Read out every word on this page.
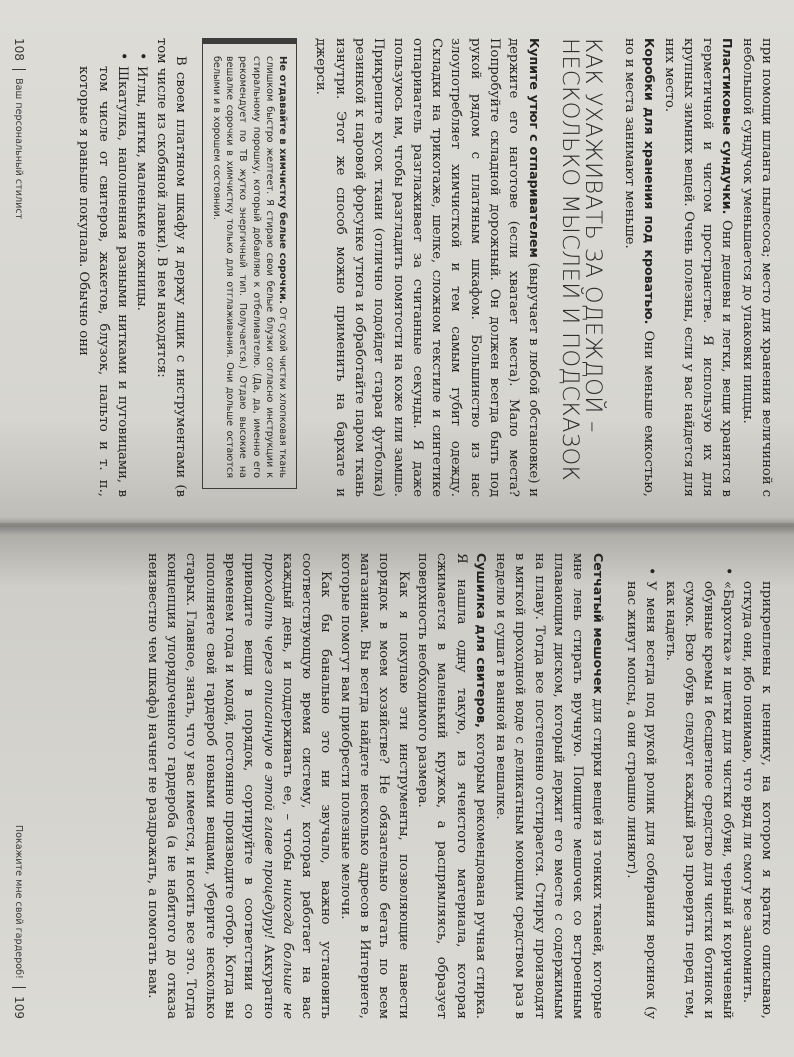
при помощи шланга пылесоса; место для хранения величиной с небольшой сундучок уменьшается до упаковки пиццы.

Пластиковые сундучки. Они дешевы и легки, вещи хранятся в герметичной и чистом пространстве. Я использую их для крупных зимних вещей. Очень полезны, если у вас найдется для них место.

Коробки для хранения под кроватью. Они меньше емкостью, но и места занимают меньше.

КАК УХАЖИВАТЬ ЗА ОДЕЖДОЙ – НЕСКОЛЬКО МЫСЛЕЙ И ПОДСКАЗОК

Купите утюг с отпаривателем (выручает в любой обстановке) и держите его наготове (если хватает места). Мало места? Попробуйте складной дорожный. Он должен всегда быть под рукой рядом с платяным шкафом. Большинство из нас злоупотребляет химчисткой и тем самым губит одежду. Складки на трикотаже, шелке, сложном текстиле и синтетике отпариватель разглаживает за считанные секунды. Я даже пользуюсь им, чтобы разгладить помятости на коже или замше. Прикрепите кусок ткани (отлично подойдет старая футболка) резинкой к паровой форсунке утюга и обработайте паром ткань изнутри. Этот же способ можно применить на бархате и джерси.

Не отдавайте в химчистку белые сорочки. От сухой чистки хлопковая ткань слишком быстро желтеет. Я стираю свои белые блузки согласно инструкции к стиральному порошку, который добавляю к отбеливателю. (Да, да, именно его рекомендует по ТВ жутко энергичный тип. Получается.) Отдаю высокие на вешалке сорочки в химчистку только для отглаживания. Они дольше остаются белыми и в хорошем состоянии.

В своем платяном шкафу я держу ящик с инструментами (в том числе из скобяной лавки). В нем находятся:

• Иглы, нитки, маленькие ножницы.
• Шкатулка, наполненная разными нитками и пуговицами, в том числе от свитеров, жакетов, блузок, пальто и т. п., которые я раньше покупала. Обычно они
108
Ваш персональный стилист
прикреплены к ценнику, на котором я кратко описываю, откуда они, ибо понимаю, что вряд ли смогу все запомнить.
• «Бархотка» и щетки для чистки обуви, черный и коричневый обувные кремы и бесцветное средство для чистки ботинок и сумок. Всю обувь следует каждый раз проверять перед тем, как надеть.
• У меня всегда под рукой ролик для собирания ворсинок (у нас живут мопсы, а они страшно линяют).

Сетчатый мешочек для стирки вещей из тонких тканей, которые мне лень стирать вручную. Поищите мешочек со встроенным плавающим диском, который держит его вместе с содержимым на плаву. Тогда все постепенно отстирается. Стирку производят в мягкой проходной воде с деликатным моющим средством раз в неделю и сушат в ванной на вешалке.

Сушилка для свитеров, которым рекомендована ручная стирка. Я нашла одну такую, из ячеистого материала, которая сжимается в маленький кружок, а распрямляясь, образует поверхность необходимого размера.

Как я покупаю эти инструменты, позволяющие навести порядок в моем хозяйстве? Не обязательно бегать по всем магазинам. Вы всегда найдете несколько адресов в Интернете, которые помогут вам приобрести полезные мелочи.

Как бы банально это ни звучало, важно установить соответствующую время систему, которая работает на вас каждый день, и поддерживать ее, – чтобы никогда больше не проходить через описанную в этой главе процедуру! Аккуратно приводите вещи в порядок, сортируйте в соответствии со временем года и модой, постоянно производите отбор. Когда вы пополняете свой гардероб новыми вещами, уберите несколько старых. Главное, знать, что у вас имеется, и носить все это. Тогда концепция упорядоченного гардероба (а не набитого до отказа неизвестно чем шкафа) начнет не раздражать, а помогать вам.

Покажите мне свой гардероб!
109
